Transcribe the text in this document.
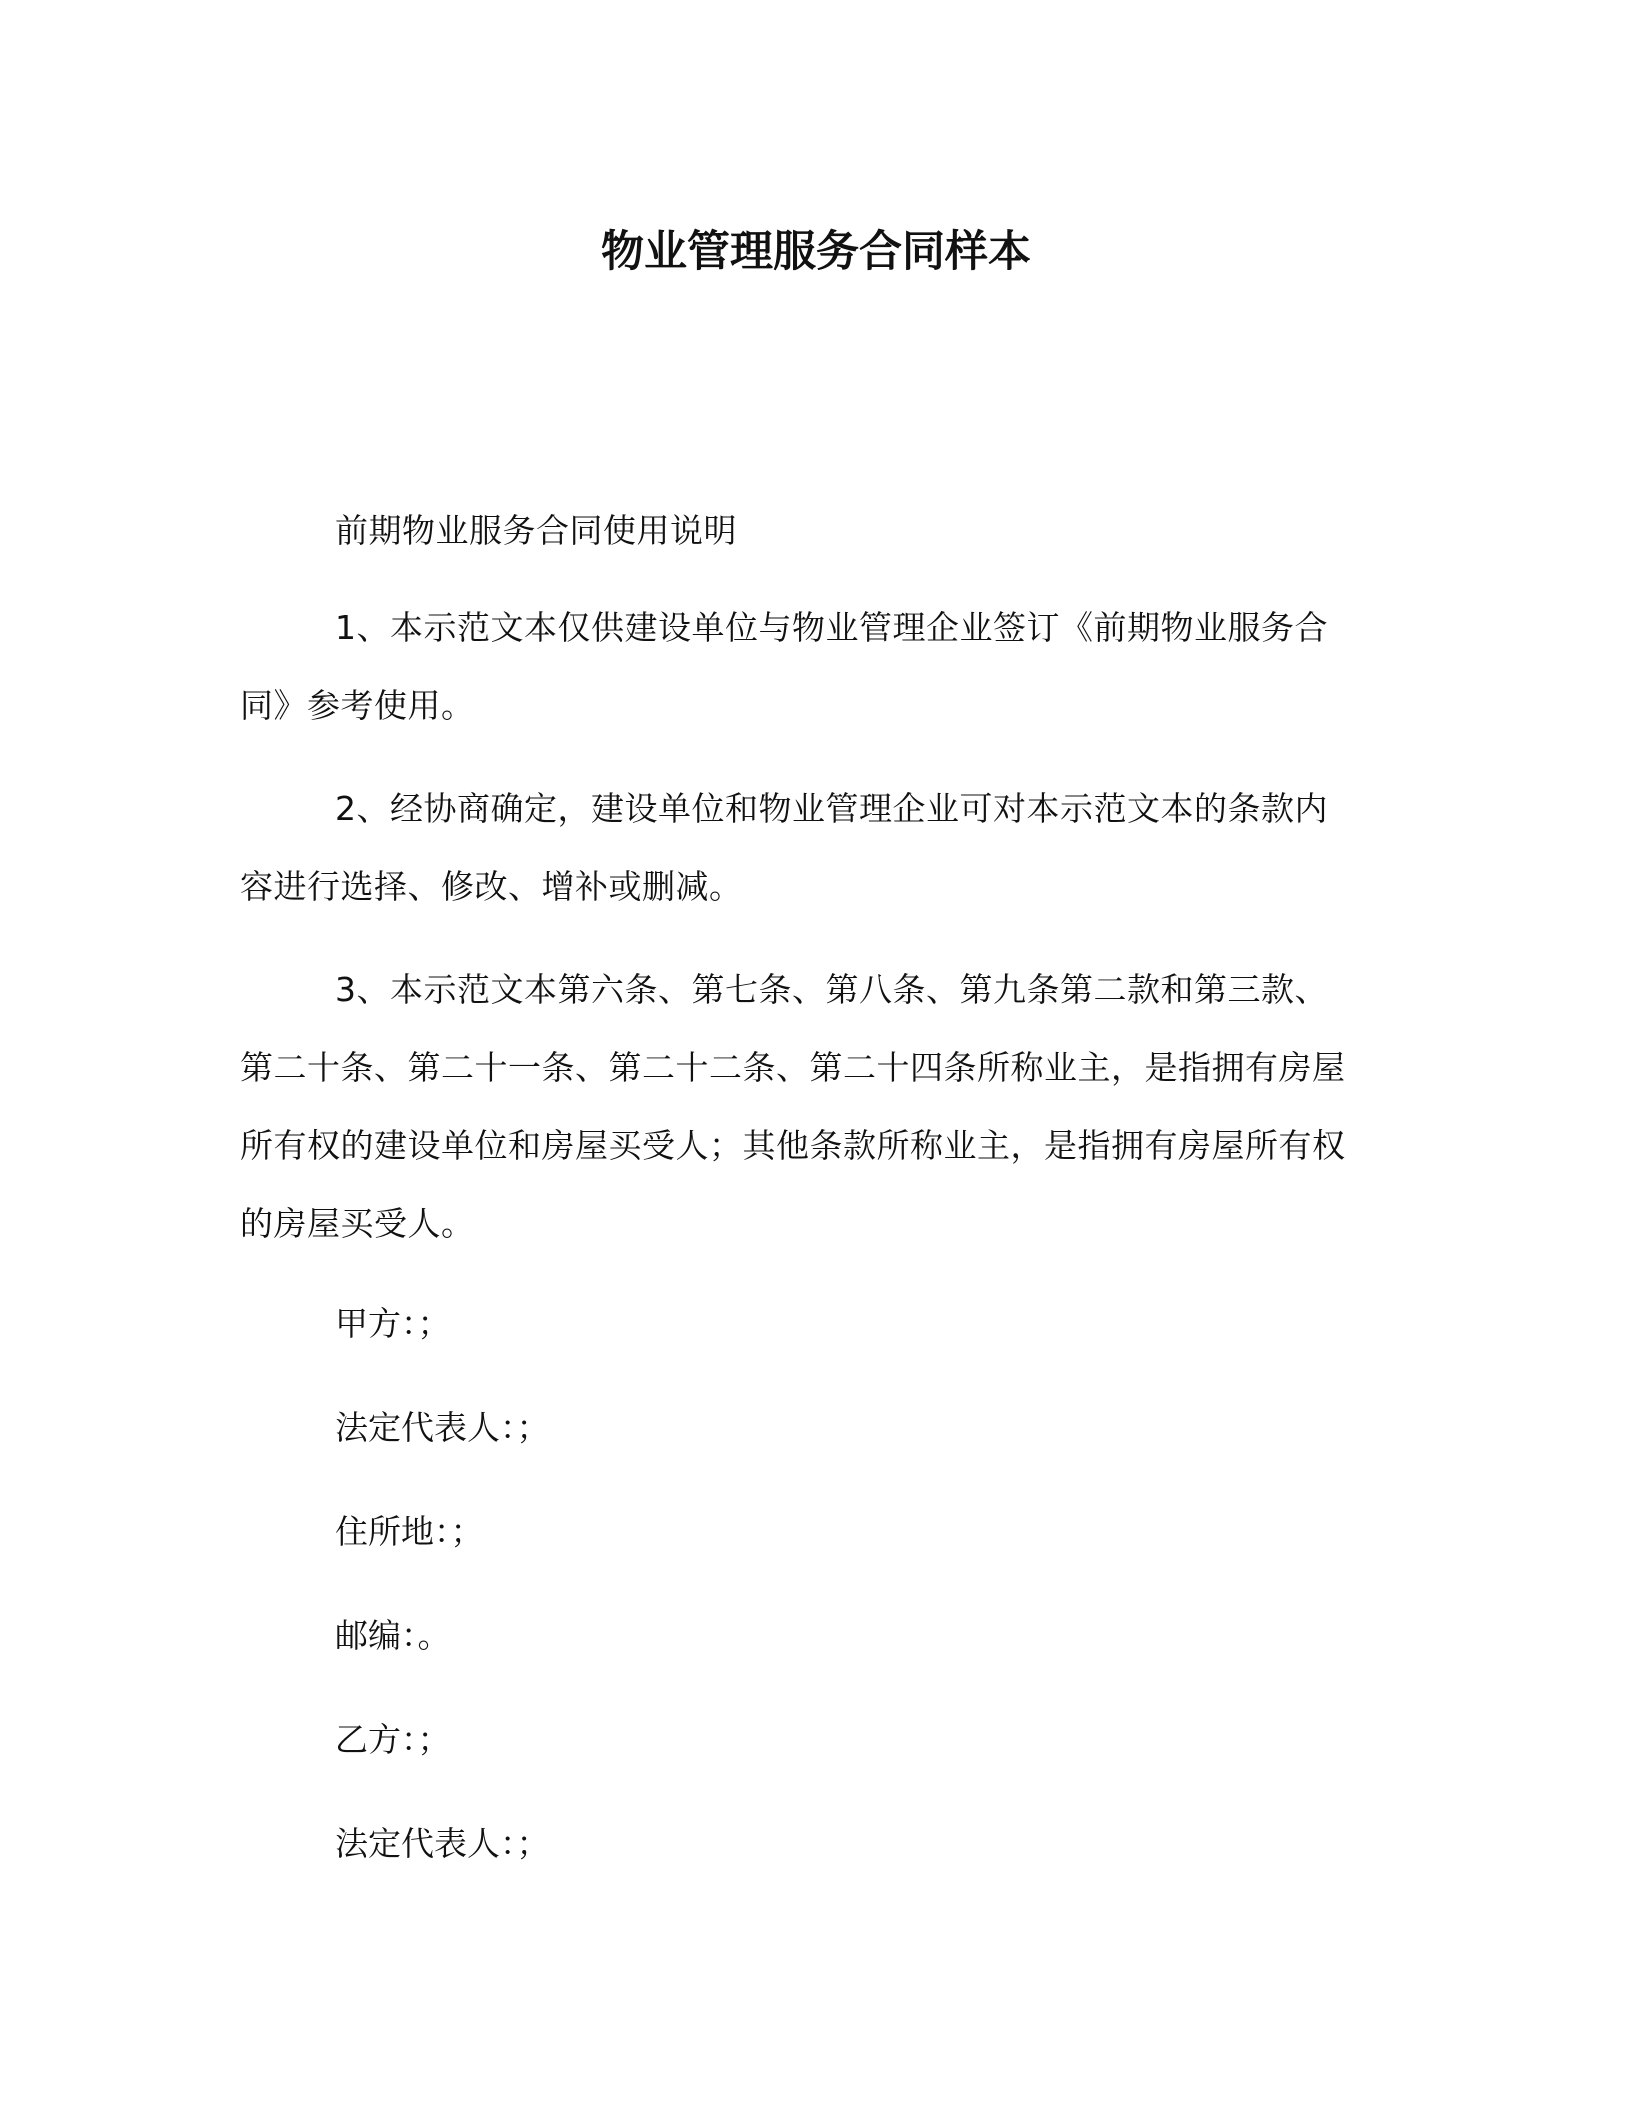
物业管理服务合同样本

前期物业服务合同使用说明

1、本示范文本仅供建设单位与物业管理企业签订《前期物业服务合同》参考使用。

2、经协商确定，建设单位和物业管理企业可对本示范文本的条款内容进行选择、修改、增补或删减。

3、本示范文本第六条、第七条、第八条、第九条第二款和第三款、第二十条、第二十一条、第二十二条、第二十四条所称业主，是指拥有房屋所有权的建设单位和房屋买受人；其他条款所称业主，是指拥有房屋所有权的房屋买受人。

甲方：；

法定代表人：；

住所地：；

邮编：。

乙方：；

法定代表人：；
